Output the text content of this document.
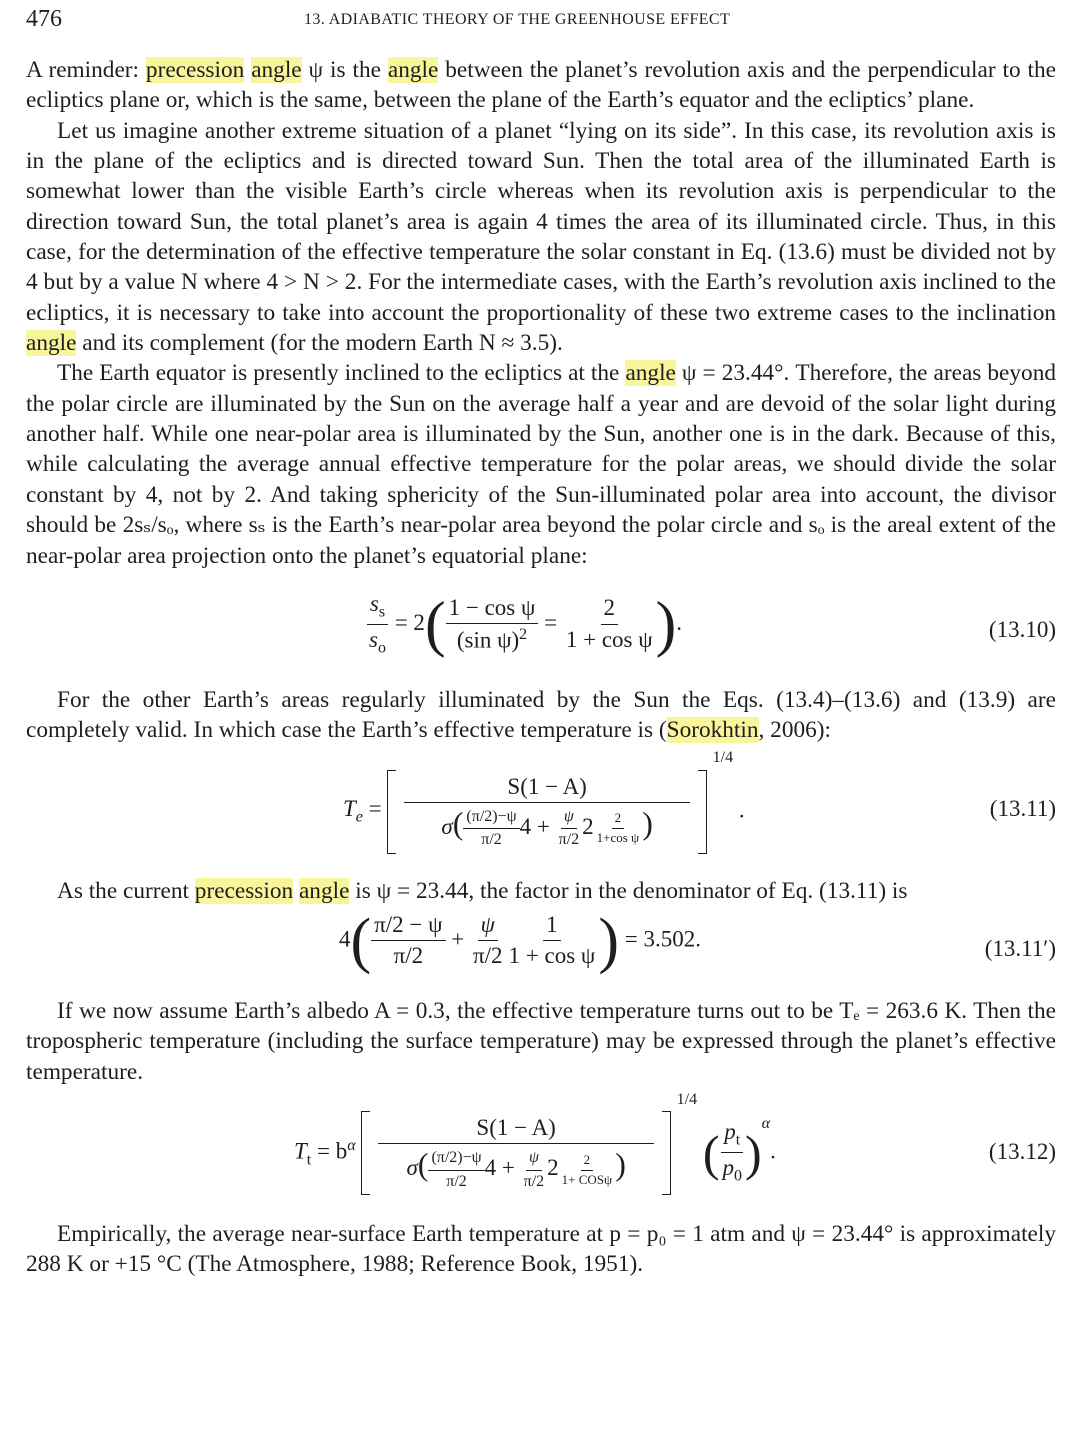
476	13. ADIABATIC THEORY OF THE GREENHOUSE EFFECT

A reminder: precession angle ψ is the angle between the planet’s revolution axis and the perpendicular to the ecliptics plane or, which is the same, between the plane of the Earth’s equator and the ecliptics’ plane.

Let us imagine another extreme situation of a planet “lying on its side”. In this case, its revolution axis is in the plane of the ecliptics and is directed toward Sun. Then the total area of the illuminated Earth is somewhat lower than the visible Earth’s circle whereas when its revolution axis is perpendicular to the direction toward Sun, the total planet’s area is again 4 times the area of its illuminated circle. Thus, in this case, for the determination of the effective temperature the solar constant in Eq. (13.6) must be divided not by 4 but by a value N where 4 > N > 2. For the intermediate cases, with the Earth’s revolution axis inclined to the ecliptics, it is necessary to take into account the proportionality of these two extreme cases to the inclination angle and its complement (for the modern Earth N ≈ 3.5).

The Earth equator is presently inclined to the ecliptics at the angle ψ = 23.44°. Therefore, the areas beyond the polar circle are illuminated by the Sun on the average half a year and are devoid of the solar light during another half. While one near-polar area is illuminated by the Sun, another one is in the dark. Because of this, while calculating the average annual effective temperature for the polar areas, we should divide the solar constant by 4, not by 2. And taking sphericity of the Sun-illuminated polar area into account, the divisor should be 2sₛ/sₒ, where sₛ is the Earth’s near-polar area beyond the polar circle and sₒ is the areal extent of the near-polar area projection onto the planet’s equatorial plane:

$\frac{s_s}{s_o} = 2( \frac{\text{1 − cos ψ}}{(\sin \psi)^2} = \frac{2}{\text{1 + cos ψ}}$ ).	(13.10)

For the other Earth’s areas regularly illuminated by the Sun the Eqs. (13.4)–(13.6) and (13.9) are completely valid. In which case the Earth’s effective temperature is (Sorokhtin, 2006):

$T_e = \frac{S(1 - A)}{\sigma( \frac{(\pi/2)-\psi}{\pi/2} 4 + \frac{\psi}{\pi/2} 2 \frac{2}{\text{1+cos ψ}} )}$
$^{1/4}$ .	(13.11)

As the current precession angle is ψ = 23.44, the factor in the denominator of Eq. (13.11) is

$4( \frac{\pi/2 - \psi}{\pi/2} + \frac{\psi}{\pi/2} \frac{1}{\text{1 + cos ψ}}$ ) = 3.502.	(13.11′)

If we now assume Earth’s albedo A = 0.3, the effective temperature turns out to be Tₑ = 263.6 K. Then the tropospheric temperature (including the surface temperature) may be expressed through the planet’s effective temperature.

$T_t = b^\alpha \frac{S(1 - A)}{\sigma( \frac{(\pi/2)-\psi}{\pi/2} 4 + \frac{\psi}{\pi/2} 2 \frac{2}{\text{1+ COSψ}} )}$
$^{1/4}$ ( $\frac{p_t}{p_0} )^\alpha$.	(13.12)

Empirically, the average near-surface Earth temperature at p = p₀ = 1 atm and ψ = 23.44° is approximately 288 K or +15 °C (The Atmosphere, 1988; Reference Book, 1951).
